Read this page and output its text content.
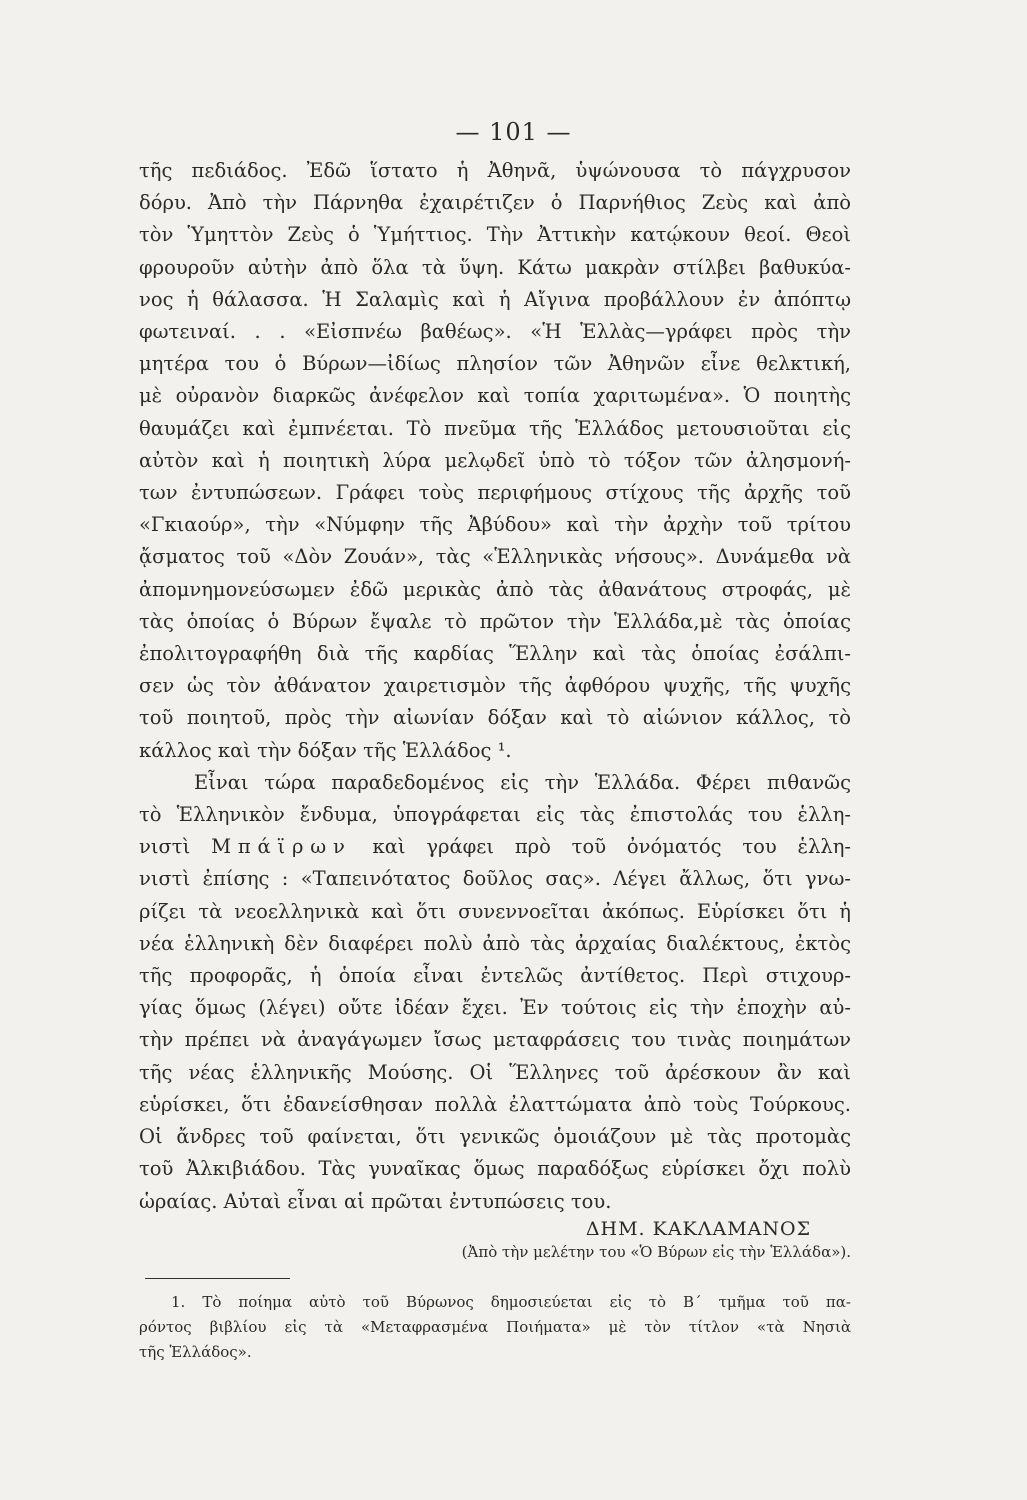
— 101 —
τῆς πεδιάδος. Ἐδῶ ἵστατο ἡ Ἀθηνᾶ, ὑψώνουσα τὸ πάγχρυσον
δόρυ. Ἀπὸ τὴν Πάρνηθα ἐχαιρέτιζεν ὁ Παρνήθιος Ζεὺς καὶ ἀπὸ
τὸν Ὑμηττὸν Ζεὺς ὁ Ὑμήττιος. Τὴν Ἀττικὴν κατῴκουν θεοί. Θεοὶ
φρουροῦν αὐτὴν ἀπὸ ὅλα τὰ ὕψη. Κάτω μακρὰν στίλβει βαθυκύα-
νος ἡ θάλασσα. Ἡ Σαλαμὶς καὶ ἡ Αἴγινα προβάλλουν ἐν ἀπόπτῳ
φωτειναί. . . «Εἰσπνέω βαθέως». «Ἡ Ἑλλὰς—γράφει πρὸς τὴν
μητέρα του ὁ Βύρων—ἰδίως πλησίον τῶν Ἀθηνῶν εἶνε θελκτική,
μὲ οὐρανὸν διαρκῶς ἀνέφελον καὶ τοπία χαριτωμένα». Ὁ ποιητὴς
θαυμάζει καὶ ἐμπνέεται. Τὸ πνεῦμα τῆς Ἑλλάδος μετουσιοῦται εἰς
αὐτὸν καὶ ἡ ποιητικὴ λύρα μελῳδεῖ ὑπὸ τὸ τόξον τῶν ἀλησμονή-
των ἐντυπώσεων. Γράφει τοὺς περιφήμους στίχους τῆς ἀρχῆς τοῦ
«Γκιαούρ», τὴν «Νύμφην τῆς Ἀβύδου» καὶ τὴν ἀρχὴν τοῦ τρίτου
ᾄσματος τοῦ «Δὸν Ζουάν», τὰς «Ἑλληνικὰς νήσους». Δυνάμεθα νὰ
ἀπομνημονεύσωμεν ἐδῶ μερικὰς ἀπὸ τὰς ἀθανάτους στροφάς, μὲ
τὰς ὁποίας ὁ Βύρων ἔψαλε τὸ πρῶτον τὴν Ἑλλάδα,μὲ τὰς ὁποίας
ἐπολιτογραφήθη διὰ τῆς καρδίας Ἕλλην καὶ τὰς ὁποίας ἐσάλπι-
σεν ὡς τὸν ἀθάνατον χαιρετισμὸν τῆς ἀφθόρου ψυχῆς, τῆς ψυχῆς
τοῦ ποιητοῦ, πρὸς τὴν αἰωνίαν δόξαν καὶ τὸ αἰώνιον κάλλος, τὸ
κάλλος καὶ τὴν δόξαν τῆς Ἑλλάδος ¹.
Εἶναι τώρα παραδεδομένος εἰς τὴν Ἑλλάδα. Φέρει πιθανῶς
τὸ Ἑλληνικὸν ἔνδυμα, ὑπογράφεται εἰς τὰς ἐπιστολάς του ἑλλη-
νιστὶ Μπάϊρων καὶ γράφει πρὸ τοῦ ὀνόματός του ἑλλη-
νιστὶ ἐπίσης : «Ταπεινότατος δοῦλος σας». Λέγει ἄλλως, ὅτι γνω-
ρίζει τὰ νεοελληνικὰ καὶ ὅτι συνεννοεῖται ἀκόπως. Εὑρίσκει ὅτι ἡ
νέα ἑλληνικὴ δὲν διαφέρει πολὺ ἀπὸ τὰς ἀρχαίας διαλέκτους, ἐκτὸς
τῆς προφορᾶς, ἡ ὁποία εἶναι ἐντελῶς ἀντίθετος. Περὶ στιχουρ-
γίας ὅμως (λέγει) οὔτε ἰδέαν ἔχει. Ἐν τούτοις εἰς τὴν ἐποχὴν αὐ-
τὴν πρέπει νὰ ἀναγάγωμεν ἴσως μεταφράσεις του τινὰς ποιημάτων
τῆς νέας ἑλληνικῆς Μούσης. Οἱ Ἕλληνες τοῦ ἀρέσκουν ἂν καὶ
εὑρίσκει, ὅτι ἐδανείσθησαν πολλὰ ἐλαττώματα ἀπὸ τοὺς Τούρκους.
Οἱ ἄνδρες τοῦ φαίνεται, ὅτι γενικῶς ὁμοιάζουν μὲ τὰς προτομὰς
τοῦ Ἀλκιβιάδου. Τὰς γυναῖκας ὅμως παραδόξως εὑρίσκει ὄχι πολὺ
ὡραίας. Αὐταὶ εἶναι αἱ πρῶται ἐντυπώσεις του.
ΔΗΜ. ΚΑΚΛΑΜΑΝΟΣ
(Ἀπὸ τὴν μελέτην του «Ὁ Βύρων εἰς τὴν Ἑλλάδα»).
1. Τὸ ποίημα αὐτὸ τοῦ Βύρωνος δημοσιεύεται εἰς τὸ Β΄ τμῆμα τοῦ πα-
ρόντος βιβλίου εἰς τὰ «Μεταφρασμένα Ποιήματα» μὲ τὸν τίτλον «τὰ Νησιὰ
τῆς Ἑλλάδος».
